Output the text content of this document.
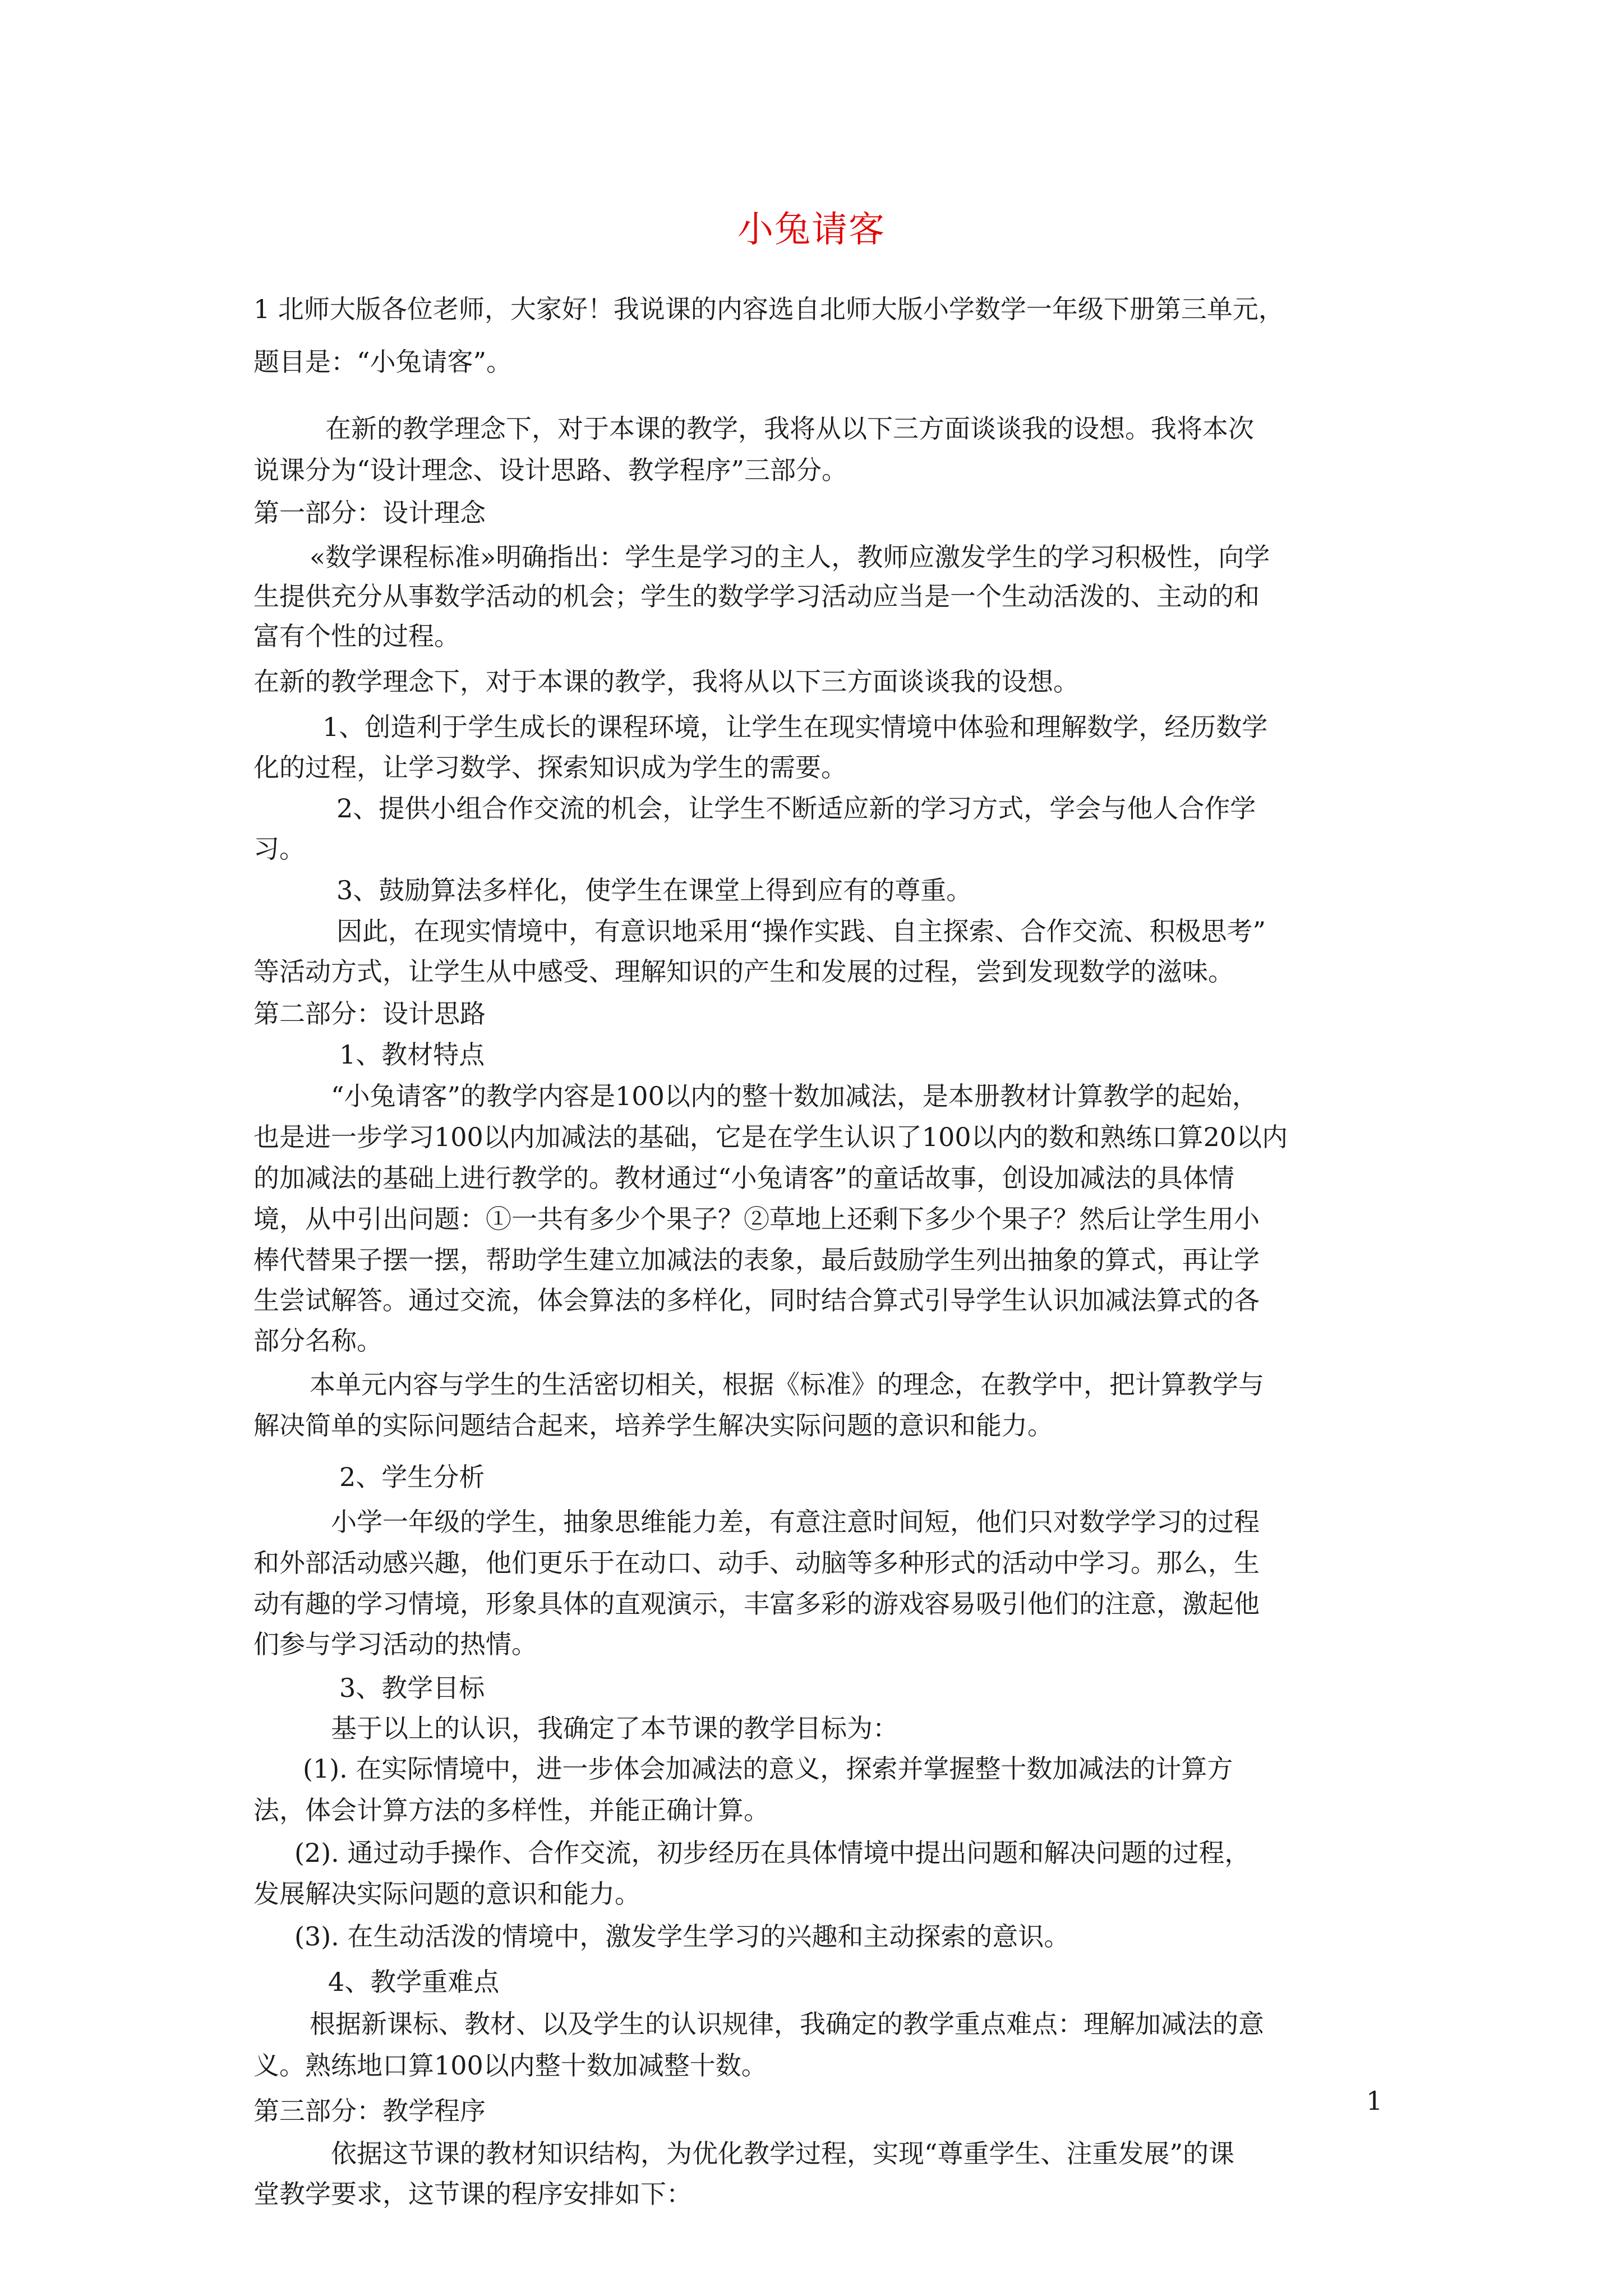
小兔请客
1 北师大版各位老师，大家好！我说课的内容选自北师大版小学数学一年级下册第三单元，
题目是：“小兔请客”。
在新的教学理念下，对于本课的教学，我将从以下三方面谈谈我的设想。我将本次
说课分为“设计理念、设计思路、教学程序”三部分。
第一部分：设计理念
«数学课程标准»明确指出：学生是学习的主人，教师应激发学生的学习积极性，向学
生提供充分从事数学活动的机会；学生的数学学习活动应当是一个生动活泼的、主动的和
富有个性的过程。
在新的教学理念下，对于本课的教学，我将从以下三方面谈谈我的设想。
1、创造利于学生成长的课程环境，让学生在现实情境中体验和理解数学，经历数学
化的过程，让学习数学、探索知识成为学生的需要。
2、提供小组合作交流的机会，让学生不断适应新的学习方式，学会与他人合作学
习。
3、鼓励算法多样化，使学生在课堂上得到应有的尊重。
因此，在现实情境中，有意识地采用“操作实践、自主探索、合作交流、积极思考”
等活动方式，让学生从中感受、理解知识的产生和发展的过程，尝到发现数学的滋味。
第二部分：设计思路
1、教材特点
“小兔请客”的教学内容是100以内的整十数加减法，是本册教材计算教学的起始，
也是进一步学习100以内加减法的基础，它是在学生认识了100以内的数和熟练口算20以内
的加减法的基础上进行教学的。教材通过“小兔请客”的童话故事，创设加减法的具体情
境，从中引出问题：①一共有多少个果子？②草地上还剩下多少个果子？然后让学生用小
棒代替果子摆一摆，帮助学生建立加减法的表象，最后鼓励学生列出抽象的算式，再让学
生尝试解答。通过交流，体会算法的多样化，同时结合算式引导学生认识加减法算式的各
部分名称。
本单元内容与学生的生活密切相关，根据《标准》的理念，在教学中，把计算教学与
解决简单的实际问题结合起来，培养学生解决实际问题的意识和能力。
2、学生分析
小学一年级的学生，抽象思维能力差，有意注意时间短，他们只对数学学习的过程
和外部活动感兴趣，他们更乐于在动口、动手、动脑等多种形式的活动中学习。那么，生
动有趣的学习情境，形象具体的直观演示，丰富多彩的游戏容易吸引他们的注意，激起他
们参与学习活动的热情。
3、教学目标
基于以上的认识，我确定了本节课的教学目标为：
(1). 在实际情境中，进一步体会加减法的意义，探索并掌握整十数加减法的计算方
法，体会计算方法的多样性，并能正确计算。
(2). 通过动手操作、合作交流，初步经历在具体情境中提出问题和解决问题的过程，
发展解决实际问题的意识和能力。
(3). 在生动活泼的情境中，激发学生学习的兴趣和主动探索的意识。
4、教学重难点
根据新课标、教材、以及学生的认识规律，我确定的教学重点难点：理解加减法的意
义。熟练地口算100以内整十数加减整十数。
第三部分：教学程序
依据这节课的教材知识结构，为优化教学过程，实现“尊重学生、注重发展”的课
堂教学要求，这节课的程序安排如下：
1
